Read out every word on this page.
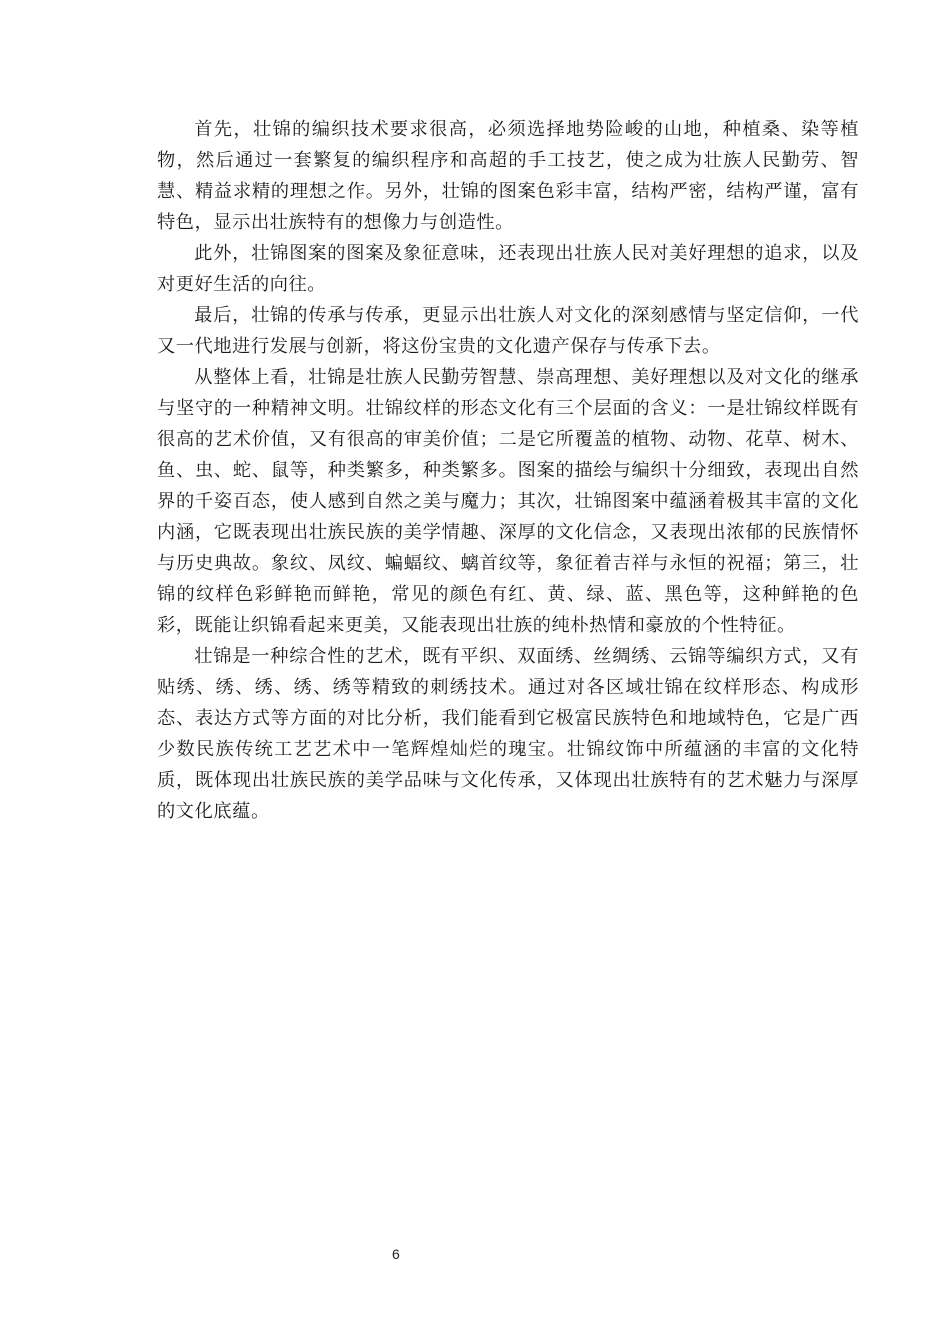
首先，壮锦的编织技术要求很高，必须选择地势险峻的山地，种植桑、染等植物，然后通过一套繁复的编织程序和高超的手工技艺，使之成为壮族人民勤劳、智慧、精益求精的理想之作。另外，壮锦的图案色彩丰富，结构严密，结构严谨，富有特色，显示出壮族特有的想像力与创造性。

此外，壮锦图案的图案及象征意味，还表现出壮族人民对美好理想的追求，以及对更好生活的向往。

最后，壮锦的传承与传承，更显示出壮族人对文化的深刻感情与坚定信仰，一代又一代地进行发展与创新，将这份宝贵的文化遗产保存与传承下去。

从整体上看，壮锦是壮族人民勤劳智慧、崇高理想、美好理想以及对文化的继承与坚守的一种精神文明。壮锦纹样的形态文化有三个层面的含义：一是壮锦纹样既有很高的艺术价值，又有很高的审美价值；二是它所覆盖的植物、动物、花草、树木、鱼、虫、蛇、鼠等，种类繁多，种类繁多。图案的描绘与编织十分细致，表现出自然界的千姿百态，使人感到自然之美与魔力；其次，壮锦图案中蕴涵着极其丰富的文化内涵，它既表现出壮族民族的美学情趣、深厚的文化信念，又表现出浓郁的民族情怀与历史典故。象纹、凤纹、蝙蝠纹、螭首纹等，象征着吉祥与永恒的祝福；第三，壮锦的纹样色彩鲜艳而鲜艳，常见的颜色有红、黄、绿、蓝、黑色等，这种鲜艳的色彩，既能让织锦看起来更美，又能表现出壮族的纯朴热情和豪放的个性特征。

壮锦是一种综合性的艺术，既有平织、双面绣、丝绸绣、云锦等编织方式，又有贴绣、绣、绣、绣、绣等精致的刺绣技术。通过对各区域壮锦在纹样形态、构成形态、表达方式等方面的对比分析，我们能看到它极富民族特色和地域特色，它是广西少数民族传统工艺艺术中一笔辉煌灿烂的瑰宝。壮锦纹饰中所蕴涵的丰富的文化特质，既体现出壮族民族的美学品味与文化传承，又体现出壮族特有的艺术魅力与深厚的文化底蕴。

6
